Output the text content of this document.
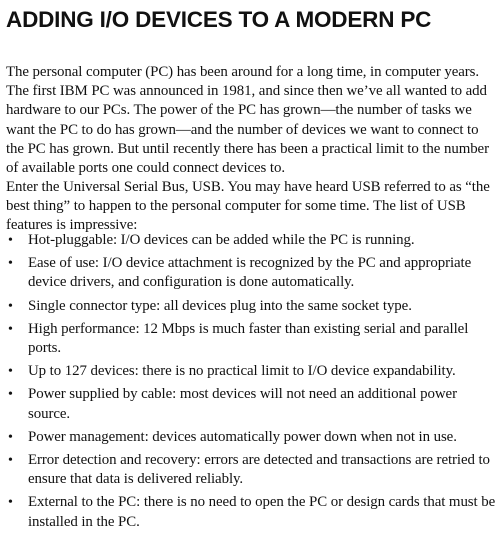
ADDING I/O DEVICES TO A MODERN PC

The personal computer (PC) has been around for a long time, in computer years. The first IBM PC was announced in 1981, and since then we’ve all wanted to add hardware to our PCs. The power of the PC has grown—the number of tasks we want the PC to do has grown—and the number of devices we want to connect to the PC has grown. But until recently there has been a practical limit to the number of available ports one could connect devices to.

Enter the Universal Serial Bus, USB. You may have heard USB referred to as “the best thing” to happen to the personal computer for some time. The list of USB features is impressive:

• Hot-pluggable: I/O devices can be added while the PC is running.
• Ease of use: I/O device attachment is recognized by the PC and appropriate device drivers, and configuration is done automatically.
• Single connector type: all devices plug into the same socket type.
• High performance: 12 Mbps is much faster than existing serial and parallel ports.
• Up to 127 devices: there is no practical limit to I/O device expandability.
• Power supplied by cable: most devices will not need an additional power source.
• Power management: devices automatically power down when not in use.
• Error detection and recovery: errors are detected and transactions are retried to ensure that data is delivered reliably.
• External to the PC: there is no need to open the PC or design cards that must be installed in the PC.
